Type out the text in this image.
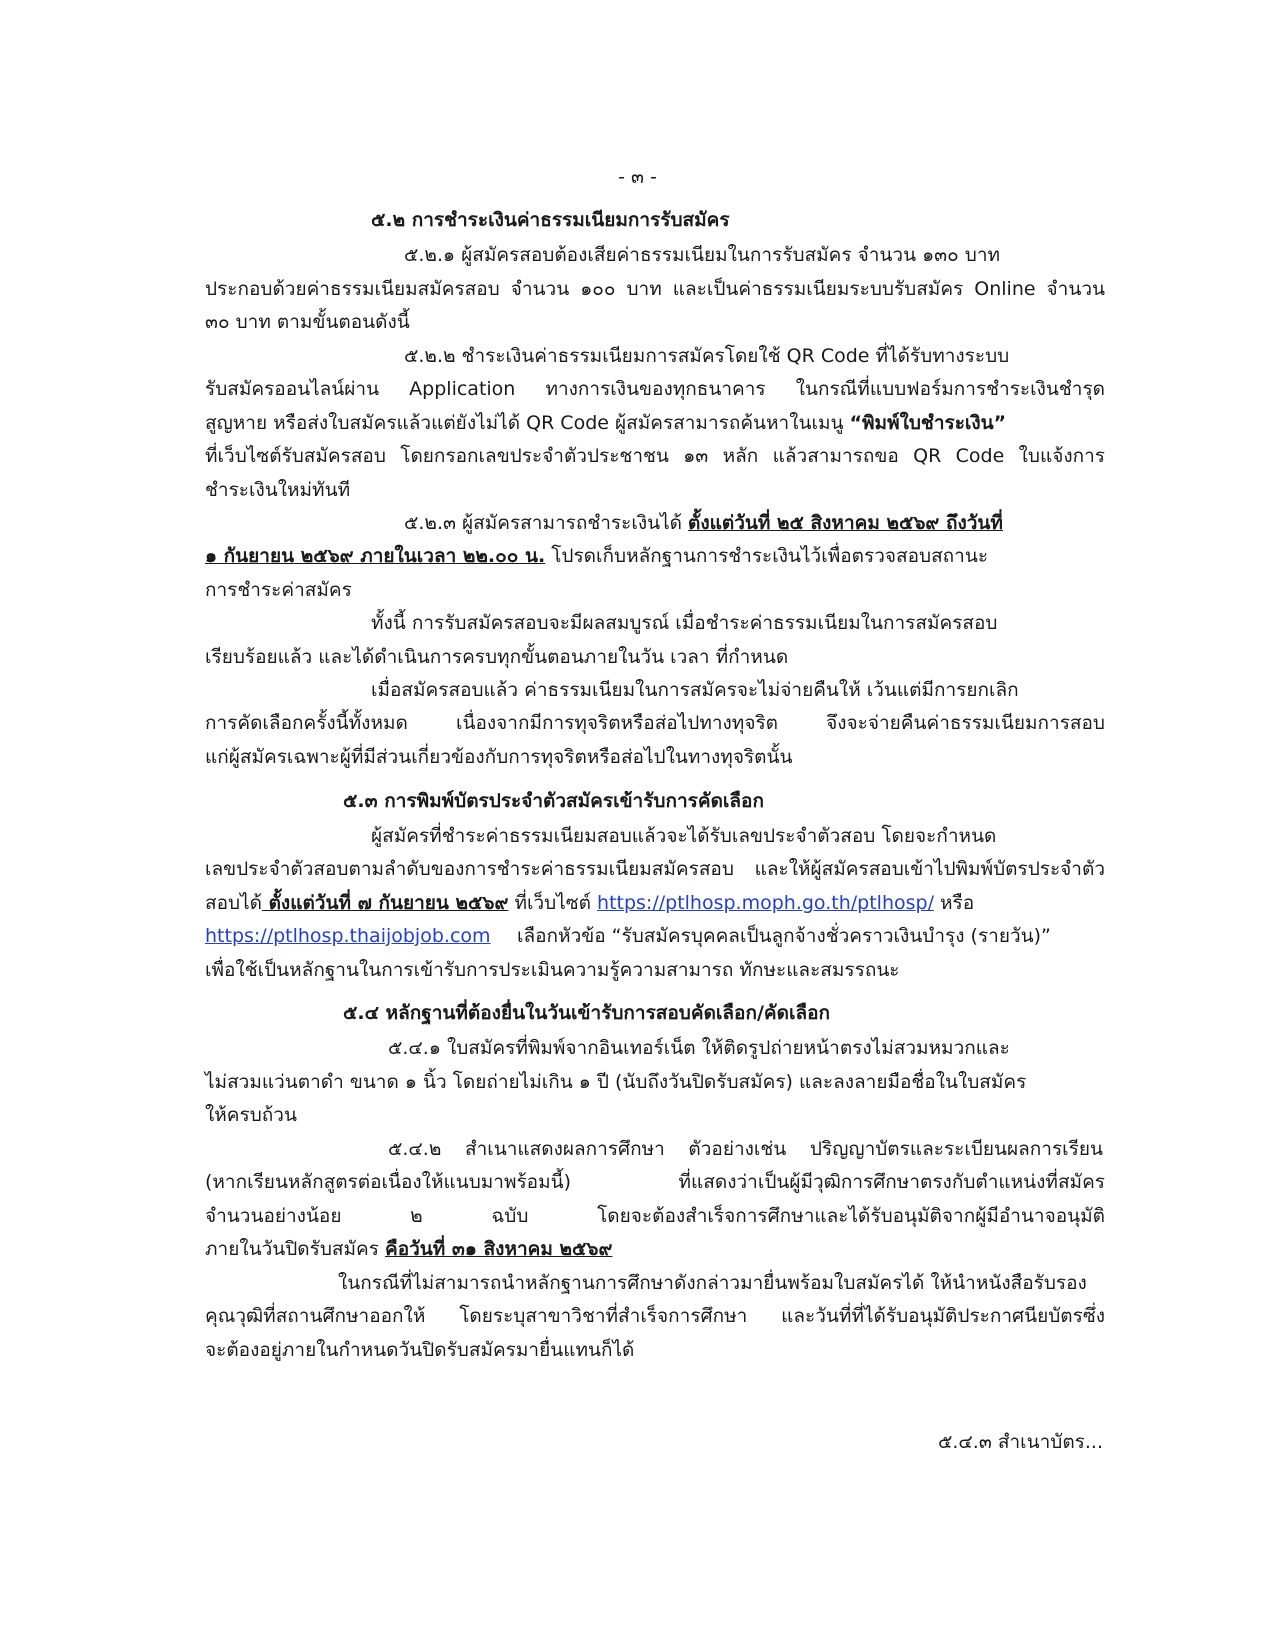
- ๓ -
๕.๒ การชำระเงินค่าธรรมเนียมการรับสมัคร
๕.๒.๑ ผู้สมัครสอบต้องเสียค่าธรรมเนียมในการรับสมัคร จำนวน ๑๓๐ บาท
ประกอบด้วยค่าธรรมเนียมสมัครสอบ จำนวน ๑๐๐ บาท และเป็นค่าธรรมเนียมระบบรับสมัคร Online จำนวน
๓๐ บาท ตามขั้นตอนดังนี้
๕.๒.๒ ชำระเงินค่าธรรมเนียมการสมัครโดยใช้ QR Code ที่ได้รับทางระบบ
รับสมัครออนไลน์ผ่าน Application ทางการเงินของทุกธนาคาร ในกรณีที่แบบฟอร์มการชำระเงินชำรุด
สูญหาย หรือส่งใบสมัครแล้วแต่ยังไม่ได้ QR Code ผู้สมัครสามารถค้นหาในเมนู “พิมพ์ใบชำระเงิน”
ที่เว็บไซต์รับสมัครสอบ โดยกรอกเลขประจำตัวประชาชน ๑๓ หลัก แล้วสามารถขอ QR Code ใบแจ้งการ
ชำระเงินใหม่ทันที
๕.๒.๓ ผู้สมัครสามารถชำระเงินได้ ตั้งแต่วันที่ ๒๕ สิงหาคม ๒๕๖๙ ถึงวันที่
๑ กันยายน ๒๕๖๙ ภายในเวลา ๒๒.๐๐ น. โปรดเก็บหลักฐานการชำระเงินไว้เพื่อตรวจสอบสถานะ
การชำระค่าสมัคร
ทั้งนี้ การรับสมัครสอบจะมีผลสมบูรณ์ เมื่อชำระค่าธรรมเนียมในการสมัครสอบ
เรียบร้อยแล้ว และได้ดำเนินการครบทุกขั้นตอนภายในวัน เวลา ที่กำหนด
เมื่อสมัครสอบแล้ว ค่าธรรมเนียมในการสมัครจะไม่จ่ายคืนให้ เว้นแต่มีการยกเลิก
การคัดเลือกครั้งนี้ทั้งหมด เนื่องจากมีการทุจริตหรือส่อไปทางทุจริต จึงจะจ่ายคืนค่าธรรมเนียมการสอบ
แก่ผู้สมัครเฉพาะผู้ที่มีส่วนเกี่ยวข้องกับการทุจริตหรือส่อไปในทางทุจริตนั้น
๕.๓ การพิมพ์บัตรประจำตัวสมัครเข้ารับการคัดเลือก
ผู้สมัครที่ชำระค่าธรรมเนียมสอบแล้วจะได้รับเลขประจำตัวสอบ โดยจะกำหนด
เลขประจำตัวสอบตามลำดับของการชำระค่าธรรมเนียมสมัครสอบ และให้ผู้สมัครสอบเข้าไปพิมพ์บัตรประจำตัว
สอบได้ ตั้งแต่วันที่ ๗ กันยายน ๒๕๖๙ ที่เว็บไซต์ https://ptlhosp.moph.go.th/ptlhosp/ หรือ
https://ptlhosp.thaijobjob.com เลือกหัวข้อ “รับสมัครบุคคลเป็นลูกจ้างชั่วคราวเงินบำรุง (รายวัน)”
เพื่อใช้เป็นหลักฐานในการเข้ารับการประเมินความรู้ความสามารถ ทักษะและสมรรถนะ
๕.๔ หลักฐานที่ต้องยื่นในวันเข้ารับการสอบคัดเลือก/คัดเลือก
๕.๔.๑ ใบสมัครที่พิมพ์จากอินเทอร์เน็ต ให้ติดรูปถ่ายหน้าตรงไม่สวมหมวกและ
ไม่สวมแว่นตาดำ ขนาด ๑ นิ้ว โดยถ่ายไม่เกิน ๑ ปี (นับถึงวันปิดรับสมัคร) และลงลายมือชื่อในใบสมัคร
ให้ครบถ้วน
๕.๔.๒ สำเนาแสดงผลการศึกษา ตัวอย่างเช่น ปริญญาบัตรและระเบียนผลการเรียน
(หากเรียนหลักสูตรต่อเนื่องให้แนบมาพร้อมนี้) ที่แสดงว่าเป็นผู้มีวุฒิการศึกษาตรงกับตำแหน่งที่สมัคร
จำนวนอย่างน้อย ๒ ฉบับ โดยจะต้องสำเร็จการศึกษาและได้รับอนุมัติจากผู้มีอำนาจอนุมัติ
ภายในวันปิดรับสมัคร คือวันที่ ๓๑ สิงหาคม ๒๕๖๙
ในกรณีที่ไม่สามารถนำหลักฐานการศึกษาดังกล่าวมายื่นพร้อมใบสมัครได้ ให้นำหนังสือรับรอง
คุณวุฒิที่สถานศึกษาออกให้ โดยระบุสาขาวิชาที่สำเร็จการศึกษา และวันที่ที่ได้รับอนุมัติประกาศนียบัตรซึ่ง
จะต้องอยู่ภายในกำหนดวันปิดรับสมัครมายื่นแทนก็ได้
๕.๔.๓ สำเนาบัตร...
